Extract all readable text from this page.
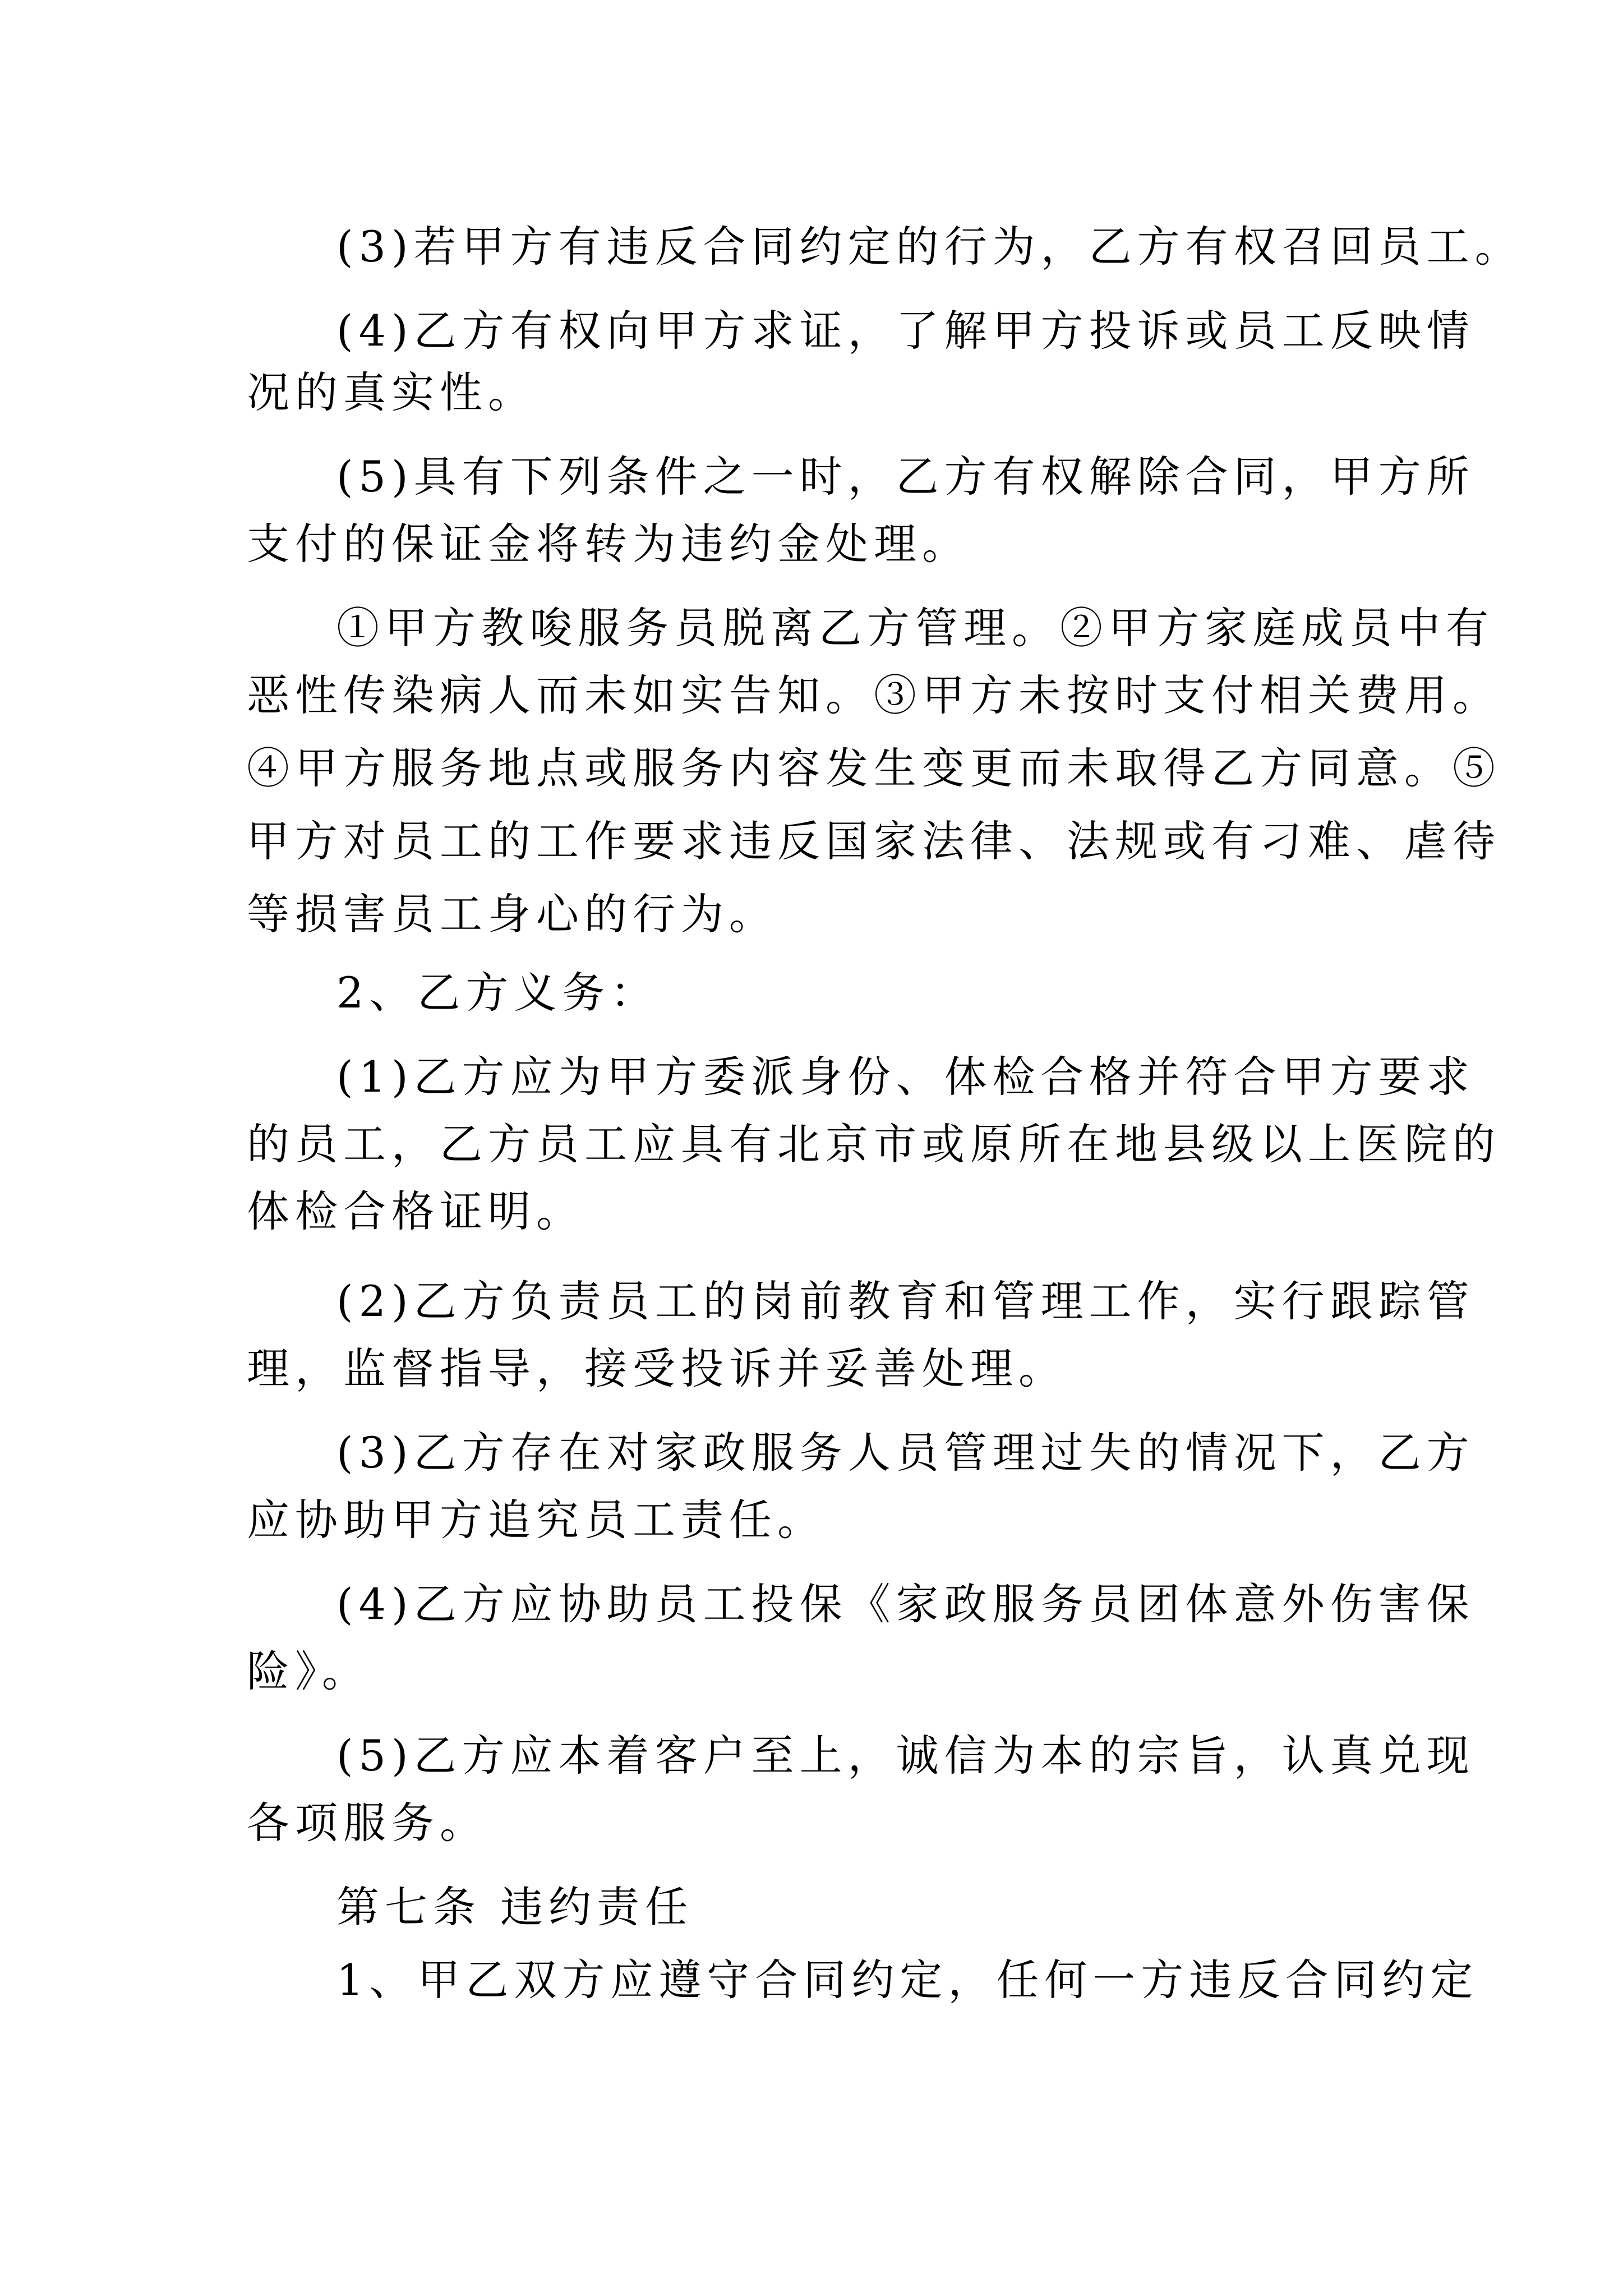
(3)若甲方有违反合同约定的行为，乙方有权召回员工。
(4)乙方有权向甲方求证，了解甲方投诉或员工反映情
况的真实性。
(5)具有下列条件之一时，乙方有权解除合同，甲方所
支付的保证金将转为违约金处理。
①甲方教唆服务员脱离乙方管理。②甲方家庭成员中有
恶性传染病人而未如实告知。③甲方未按时支付相关费用。
④甲方服务地点或服务内容发生变更而未取得乙方同意。⑤
甲方对员工的工作要求违反国家法律、法规或有刁难、虐待
等损害员工身心的行为。
2、乙方义务：
(1)乙方应为甲方委派身份、体检合格并符合甲方要求
的员工，乙方员工应具有北京市或原所在地县级以上医院的
体检合格证明。
(2)乙方负责员工的岗前教育和管理工作，实行跟踪管
理，监督指导，接受投诉并妥善处理。
(3)乙方存在对家政服务人员管理过失的情况下，乙方
应协助甲方追究员工责任。
(4)乙方应协助员工投保《家政服务员团体意外伤害保
险》。
(5)乙方应本着客户至上，诚信为本的宗旨，认真兑现
各项服务。
第七条 违约责任
1、甲乙双方应遵守合同约定，任何一方违反合同约定
